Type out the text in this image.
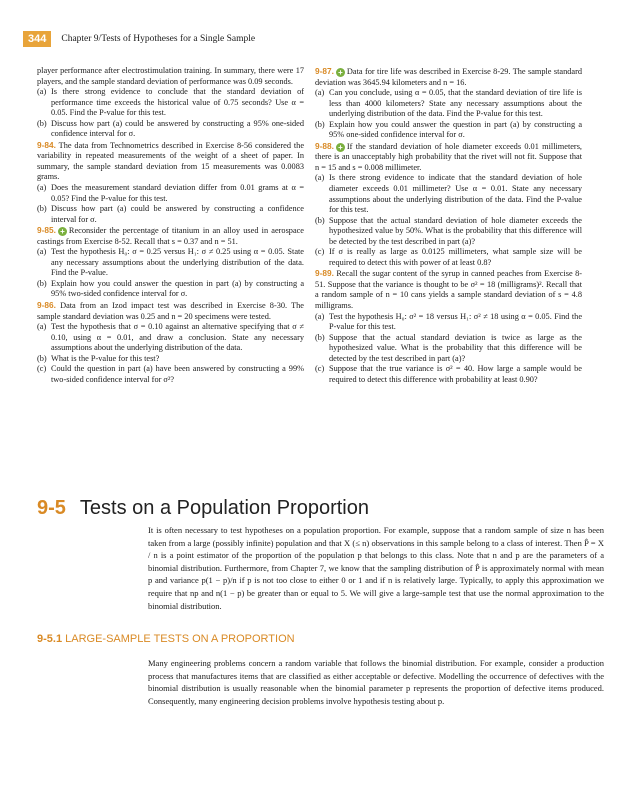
344	Chapter 9/Tests of Hypotheses for a Single Sample

player performance after electrostimulation training. In summary, there were 17 players, and the sample standard deviation of performance was 0.09 seconds.

(a) Is there strong evidence to conclude that the standard deviation of performance time exceeds the historical value of 0.75 seconds? Use α = 0.05. Find the P-value for this test.
(b) Discuss how part (a) could be answered by constructing a 95% one-sided confidence interval for σ.

9-84. The data from Technometrics described in Exercise 8-56 considered the variability in repeated measurements of the weight of a sheet of paper. In summary, the sample standard deviation from 15 measurements was 0.0083 grams.

(a) Does the measurement standard deviation differ from 0.01 grams at α = 0.05? Find the P-value for this test.
(b) Discuss how part (a) could be answered by constructing a confidence interval for σ.

9-85. + Reconsider the percentage of titanium in an alloy used in aerospace castings from Exercise 8-52. Recall that s = 0.37 and n = 51.

(a) Test the hypothesis H₀: σ = 0.25 versus H₁: σ ≠ 0.25 using α = 0.05. State any necessary assumptions about the underlying distribution of the data. Find the P-value.
(b) Explain how you could answer the question in part (a) by constructing a 95% two-sided confidence interval for σ.

9-86. Data from an Izod impact test was described in Exercise 8-30. The sample standard deviation was 0.25 and n = 20 specimens were tested.

(a) Test the hypothesis that σ = 0.10 against an alternative specifying that σ ≠ 0.10, using α = 0.01, and draw a conclusion. State any necessary assumptions about the underlying distribution of the data.
(b) What is the P-value for this test?
(c) Could the question in part (a) have been answered by constructing a 99% two-sided confidence interval for σ²?

9-87. + Data for tire life was described in Exercise 8-29. The sample standard deviation was 3645.94 kilometers and n = 16.

(a) Can you conclude, using α = 0.05, that the standard deviation of tire life is less than 4000 kilometers? State any necessary assumptions about the underlying distribution of the data. Find the P-value for this test.
(b) Explain how you could answer the question in part (a) by constructing a 95% one-sided confidence interval for σ.

9-88. + If the standard deviation of hole diameter exceeds 0.01 millimeters, there is an unacceptably high probability that the rivet will not fit. Suppose that n = 15 and s = 0.008 millimeter.

(a) Is there strong evidence to indicate that the standard deviation of hole diameter exceeds 0.01 millimeter? Use α = 0.01. State any necessary assumptions about the underlying distribution of the data. Find the P-value for this test.
(b) Suppose that the actual standard deviation of hole diameter exceeds the hypothesized value by 50%. What is the probability that this difference will be detected by the test described in part (a)?
(c) If σ is really as large as 0.0125 millimeters, what sample size will be required to detect this with power of at least 0.8?

9-89. Recall the sugar content of the syrup in canned peaches from Exercise 8-51. Suppose that the variance is thought to be σ² = 18 (milligrams)². Recall that a random sample of n = 10 cans yields a sample standard deviation of s = 4.8 milligrams.

(a) Test the hypothesis H₀: σ² = 18 versus H₁: σ² ≠ 18 using α = 0.05. Find the P-value for this test.
(b) Suppose that the actual standard deviation is twice as large as the hypothesized value. What is the probability that this difference will be detected by the test described in part (a)?
(c) Suppose that the true variance is σ² = 40. How large a sample would be required to detect this difference with probability at least 0.90?
9-5 Tests on a Population Proportion

It is often necessary to test hypotheses on a population proportion. For example, suppose that a random sample of size n has been taken from a large (possibly infinite) population and that X (≤ n) observations in this sample belong to a class of interest. Then P̂ = X / n is a point estimator of the proportion of the population p that belongs to this class. Note that n and p are the parameters of a binomial distribution. Furthermore, from Chapter 7, we know that the sampling distribution of P̂ is approximately normal with mean p and variance p(1 − p)/n if p is not too close to either 0 or 1 and if n is relatively large. Typically, to apply this approximation we require that np and n(1 − p) be greater than or equal to 5. We will give a large-sample test that use the normal approximation to the binomial distribution.

9-5.1 LARGE-SAMPLE TESTS ON A PROPORTION

Many engineering problems concern a random variable that follows the binomial distribution. For example, consider a production process that manufactures items that are classified as either acceptable or defective. Modelling the occurrence of defectives with the binomial distribution is usually reasonable when the binomial parameter p represents the proportion of defective items produced. Consequently, many engineering decision problems involve hypothesis testing about p.
